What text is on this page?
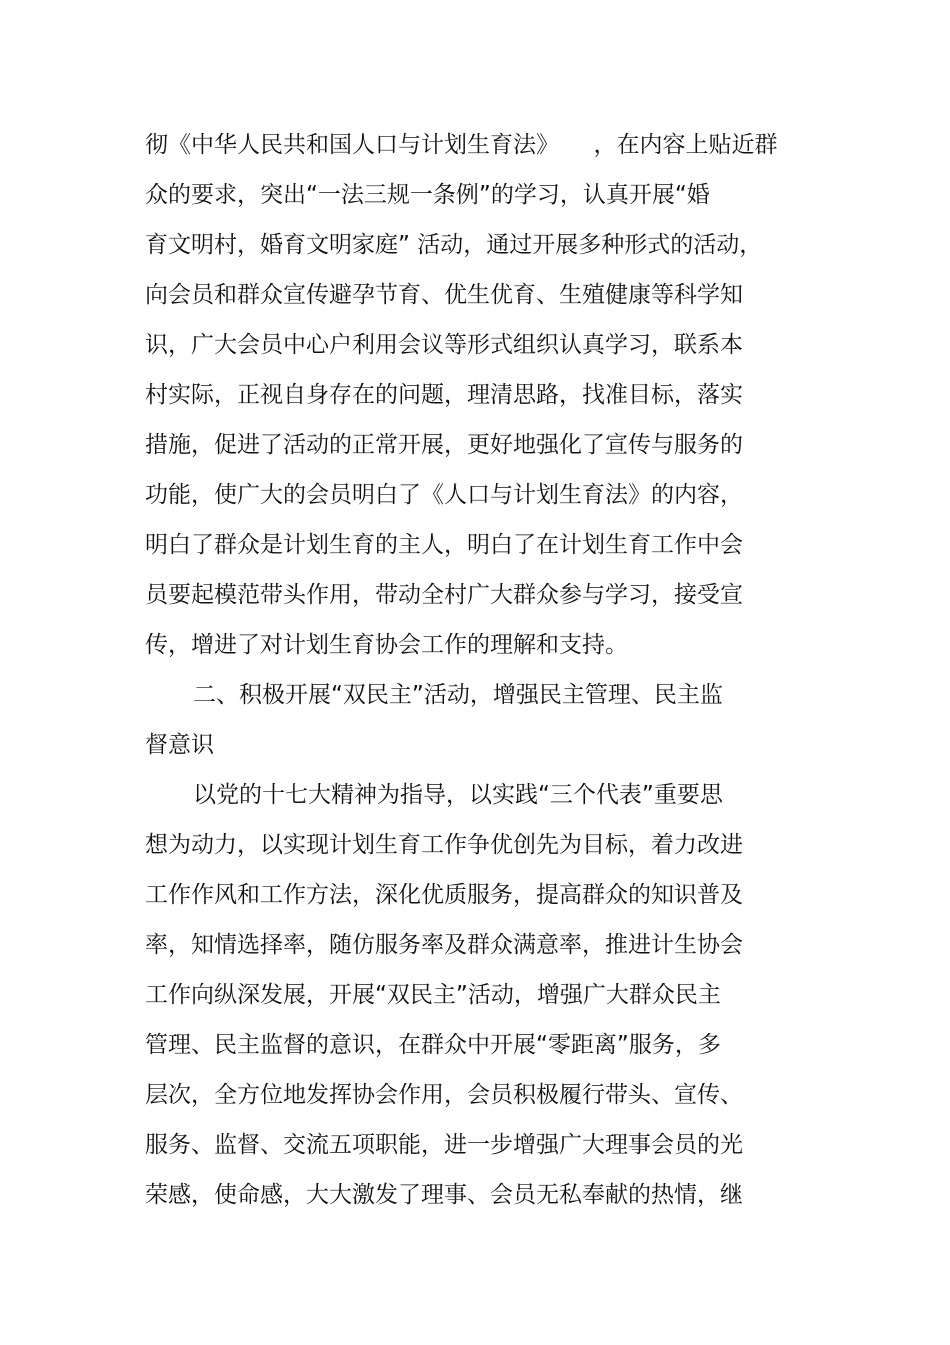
彻《中华人民共和国人口与计划生育法》　　，在内容上贴近群
众的要求，突出“一法三规一条例”的学习，认真开展“婚
育文明村，婚育文明家庭” 活动，通过开展多种形式的活动，
向会员和群众宣传避孕节育、优生优育、生殖健康等科学知
识，广大会员中心户利用会议等形式组织认真学习，联系本
村实际，正视自身存在的问题，理清思路，找准目标，落实
措施，促进了活动的正常开展，更好地强化了宣传与服务的
功能，使广大的会员明白了《人口与计划生育法》的内容，
明白了群众是计划生育的主人，明白了在计划生育工作中会
员要起模范带头作用，带动全村广大群众参与学习，接受宣
传，增进了对计划生育协会工作的理解和支持。
二、积极开展“双民主”活动，增强民主管理、民主监
督意识
以党的十七大精神为指导，以实践“三个代表”重要思
想为动力，以实现计划生育工作争优创先为目标，着力改进
工作作风和工作方法，深化优质服务，提高群众的知识普及
率，知情选择率，随仿服务率及群众满意率，推进计生协会
工作向纵深发展，开展“双民主”活动，增强广大群众民主
管理、民主监督的意识，在群众中开展“零距离”服务，多
层次，全方位地发挥协会作用，会员积极履行带头、宣传、
服务、监督、交流五项职能，进一步增强广大理事会员的光
荣感，使命感，大大激发了理事、会员无私奉献的热情，继
